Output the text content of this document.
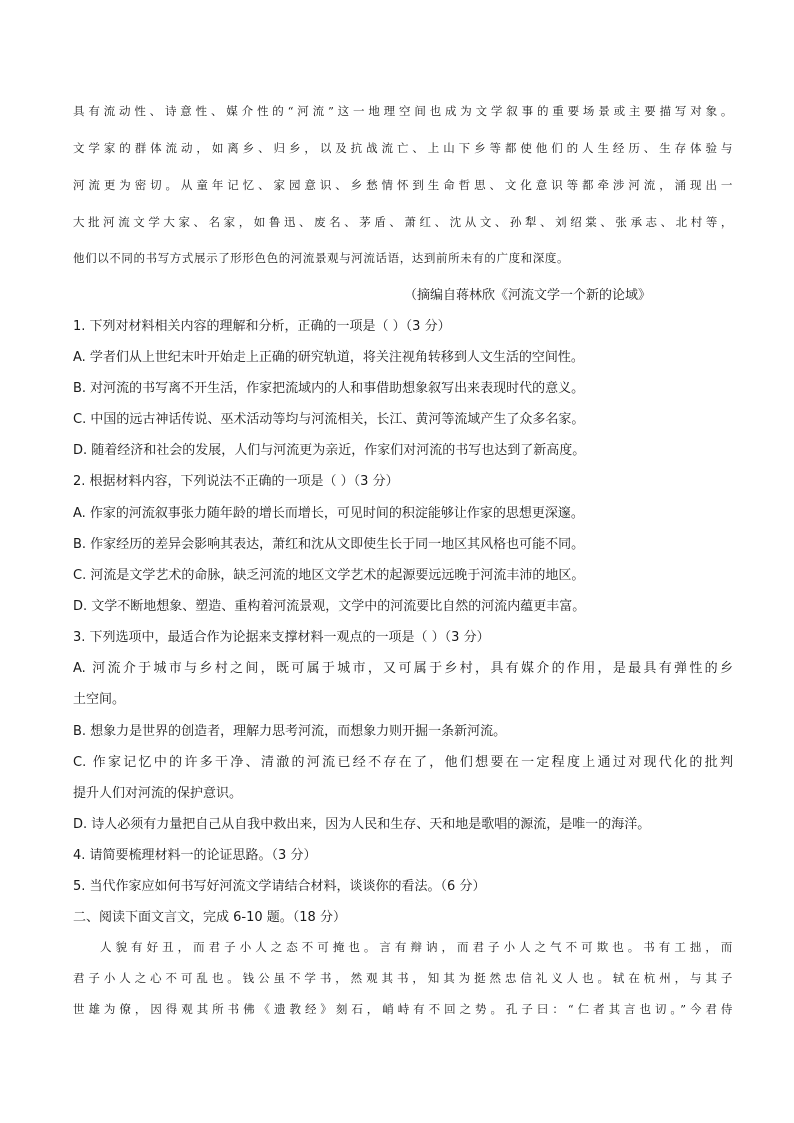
具有流动性、诗意性、媒介性的“河流”这一地理空间也成为文学叙事的重要场景或主要描写对象。
文学家的群体流动，如离乡、归乡，以及抗战流亡、上山下乡等都使他们的人生经历、生存体验与
河流更为密切。从童年记忆、家园意识、乡愁情怀到生命哲思、文化意识等都牵涉河流，涌现出一
大批河流文学大家、名家，如鲁迅、废名、茅盾、萧红、沈从文、孙犁、刘绍棠、张承志、北村等，
他们以不同的书写方式展示了形形色色的河流景观与河流话语，达到前所未有的广度和深度。
（摘编自蒋林欣《河流文学一个新的论域》
1. 下列对材料相关内容的理解和分析，正确的一项是（ ）（3 分）
A. 学者们从上世纪末叶开始走上正确的研究轨道，将关注视角转移到人文生活的空间性。
B. 对河流的书写离不开生活，作家把流域内的人和事借助想象叙写出来表现时代的意义。
C. 中国的远古神话传说、巫术活动等均与河流相关，长江、黄河等流域产生了众多名家。
D. 随着经济和社会的发展，人们与河流更为亲近，作家们对河流的书写也达到了新高度。
2. 根据材料内容，下列说法不正确的一项是（ ）（3 分）
A. 作家的河流叙事张力随年龄的增长而增长，可见时间的积淀能够让作家的思想更深邃。
B. 作家经历的差异会影响其表达，萧红和沈从文即使生长于同一地区其风格也可能不同。
C. 河流是文学艺术的命脉，缺乏河流的地区文学艺术的起源要远远晚于河流丰沛的地区。
D. 文学不断地想象、塑造、重构着河流景观，文学中的河流要比自然的河流内蕴更丰富。
3. 下列选项中，最适合作为论据来支撑材料一观点的一项是（ ）（3 分）
A. 河流介于城市与乡村之间，既可属于城市，又可属于乡村，具有媒介的作用，是最具有弹性的乡
土空间。
B. 想象力是世界的创造者，理解力思考河流，而想象力则开掘一条新河流。
C. 作家记忆中的许多干净、清澈的河流已经不存在了，他们想要在一定程度上通过对现代化的批判
提升人们对河流的保护意识。
D. 诗人必须有力量把自己从自我中救出来，因为人民和生存、天和地是歌唱的源流，是唯一的海洋。
4. 请简要梳理材料一的论证思路。（3 分）
5. 当代作家应如何书写好河流文学请结合材料，谈谈你的看法。（6 分）
二、阅读下面文言文，完成 6-10 题。（18 分）
人貌有好丑，而君子小人之态不可掩也。言有辩讷，而君子小人之气不可欺也。书有工拙，而
君子小人之心不可乱也。钱公虽不学书，然观其书，知其为挺然忠信礼义人也。轼在杭州，与其子
世雄为僚，因得观其所书佛《遗教经》刻石，峭峙有不回之势。孔子曰：“仁者其言也讱。”今君侍
